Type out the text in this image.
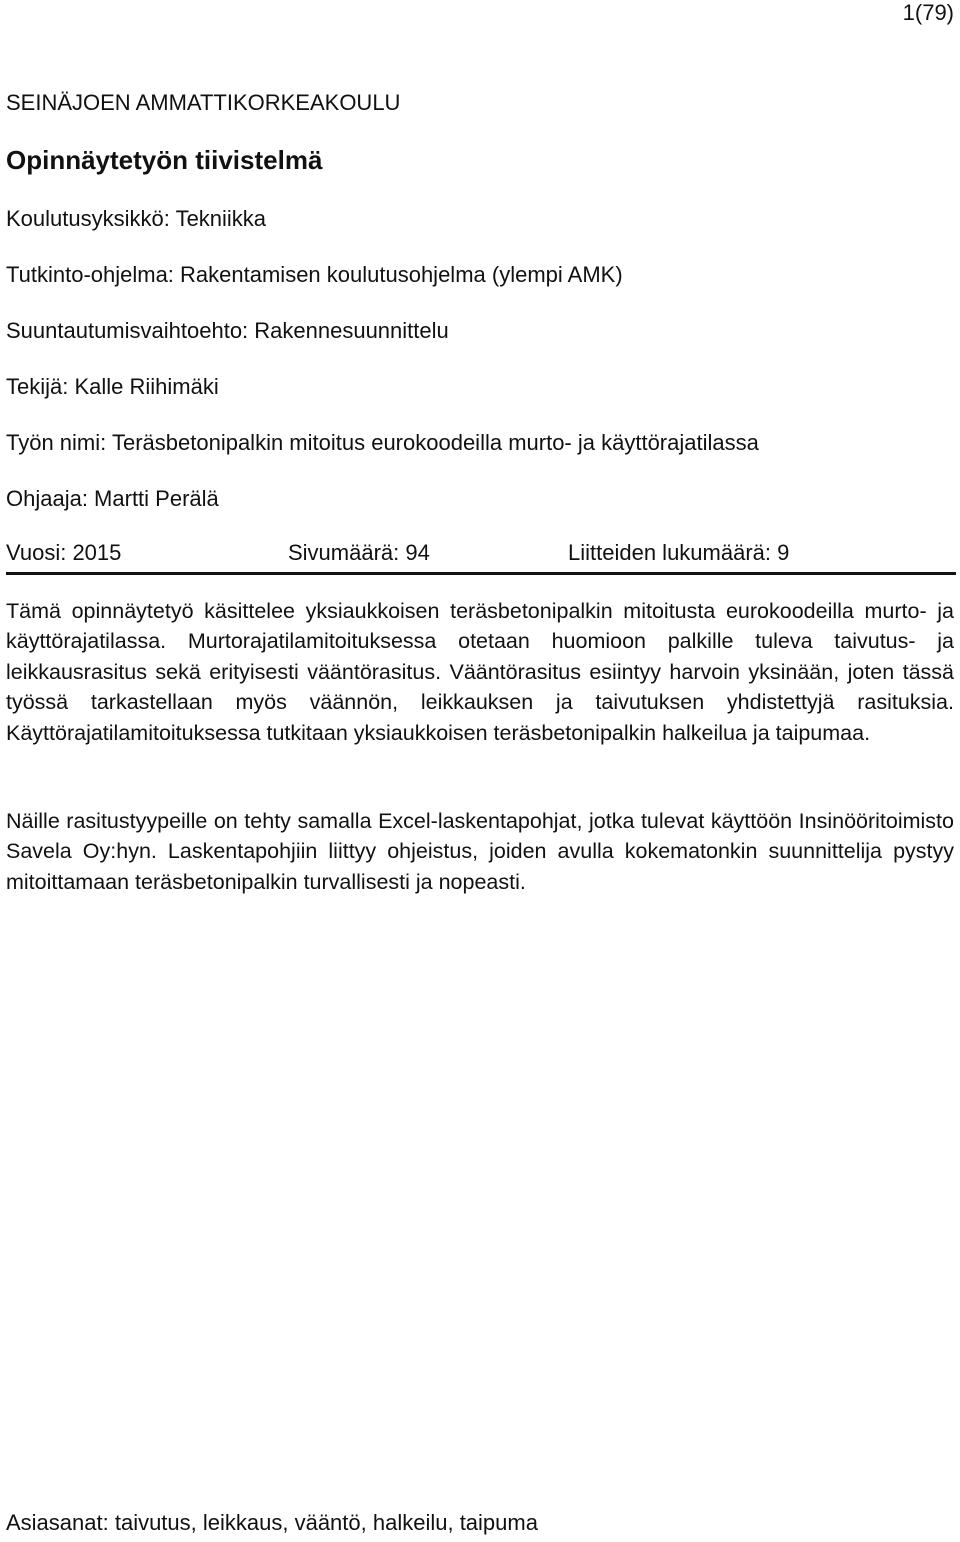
1(79)
SEINÄJOEN AMMATTIKORKEAKOULU
Opinnäytetyön tiivistelmä
Koulutusyksikkö: Tekniikka
Tutkinto-ohjelma: Rakentamisen koulutusohjelma (ylempi AMK)
Suuntautumisvaihtoehto: Rakennesuunnittelu
Tekijä: Kalle Riihimäki
Työn nimi: Teräsbetonipalkin mitoitus eurokoodeilla murto- ja käyttörajatilassa
Ohjaaja: Martti Perälä
Vuosi: 2015	Sivumäärä: 94	Liitteiden lukumäärä: 9
Tämä opinnäytetyö käsittelee yksiaukkoisen teräsbetonipalkin mitoitusta eurokoodeilla murto- ja käyttörajatilassa. Murtorajatilamitoituksessa otetaan huomioon palkille tuleva taivutus- ja leikkausrasitus sekä erityisesti vääntörasitus. Vääntörasitus esiintyy harvoin yksinään, joten tässä työssä tarkastellaan myös väännön, leikkauksen ja taivutuksen yhdistettyjä rasituksia. Käyttörajatilamitoituksessa tutkitaan yksiaukkoisen teräsbetonipalkin halkeilua ja taipumaa.
Näille rasitustyypeille on tehty samalla Excel-laskentapohjat, jotka tulevat käyttöön Insinööritoimisto Savela Oy:hyn. Laskentapohjiin liittyy ohjeistus, joiden avulla kokematonkin suunnittelija pystyy mitoittamaan teräsbetonipalkin turvallisesti ja nopeasti.
Asiasanat: taivutus, leikkaus, vääntö, halkeilu, taipuma
